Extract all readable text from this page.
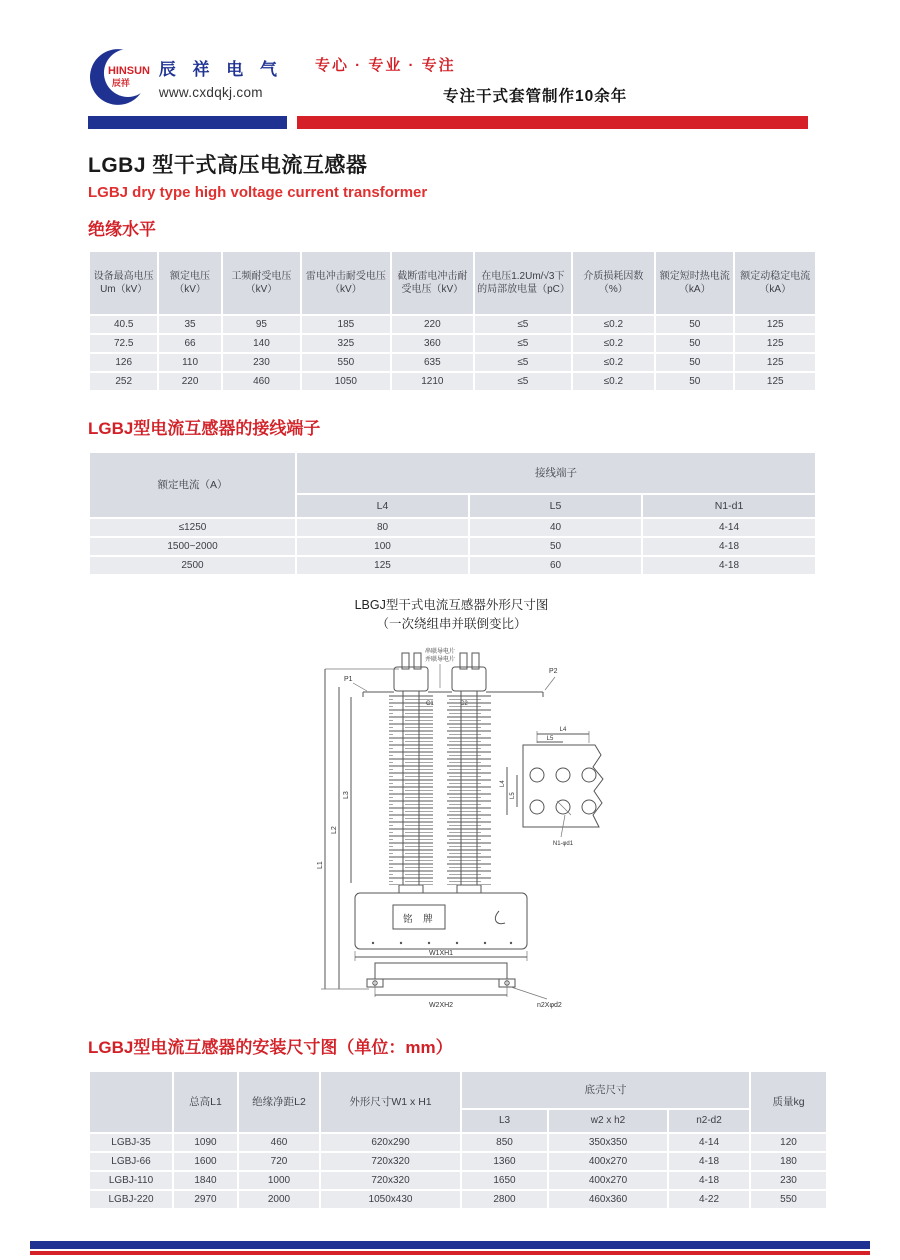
HINSUN
辰祥
辰 祥 电 气
www.cxdqkj.com
专心 · 专业 · 专注
专注干式套管制作10余年
LGBJ 型干式高压电流互感器
LGBJ dry type high voltage current transformer
绝缘水平
设备最高电压Um（kV）	额定电压（kV）	工频耐受电压（kV）	雷电冲击耐受电压（kV）	截断雷电冲击耐受电压（kV）	在电压1.2Um/√3下的局部放电量（pC）	介质损耗因数（%）	额定短时热电流（kA）	额定动稳定电流（kA）
40.5	35	95	185	220	≤5	≤0.2	50	125
72.5	66	140	325	360	≤5	≤0.2	50	125
126	110	230	550	635	≤5	≤0.2	50	125
252	220	460	1050	1210	≤5	≤0.2	50	125
LGBJ型电流互感器的接线端子
额定电流（A）	接线端子		
	L4	L5	N1-d1
≤1250	80	40	4-14
1500~2000	100	50	4-18
2500	125	60	4-18
LBGJ型干式电流互感器外形尺寸图
（一次绕组串并联倒变比）
L1
L2
L3
P1
P2
串联导电片
并联导电片
铭 牌
W1XH1
W2XH2	n2Xφd2
L4
L5
L4
L5
N1-φd1
LGBJ型电流互感器的安装尺寸图（单位：mm）
	总高L1	绝缘净距L2	外形尺寸W1 x H1	底壳尺寸			质量kg
				L3	w2 x h2	n2-d2	
LGBJ-35	1090	460	620x290	850	350x350	4-14	120
LGBJ-66	1600	720	720x320	1360	400x270	4-18	180
LGBJ-110	1840	1000	720x320	1650	400x270	4-18	230
LGBJ-220	2970	2000	1050x430	2800	460x360	4-22	550
